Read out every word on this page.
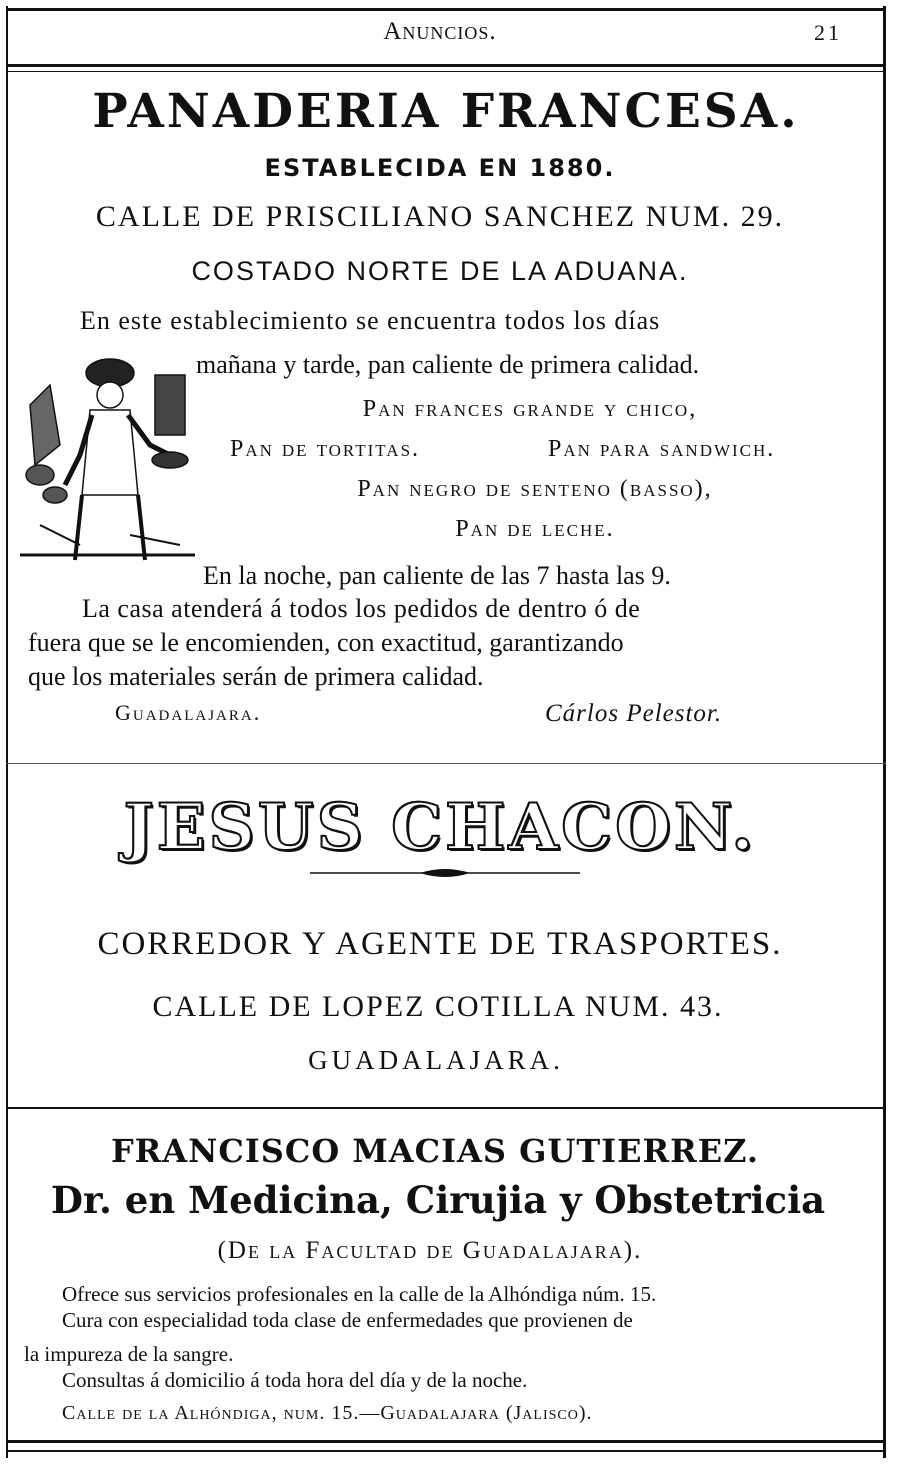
Anuncios.	21
PANADERIA FRANCESA.
ESTABLECIDA EN 1880.
CALLE DE PRISCILIANO SANCHEZ NUM. 29.
COSTADO NORTE DE LA ADUANA.
En este establecimiento se encuentra todos los días
mañana y tarde, pan caliente de primera calidad.
Pan frances grande y chico,
Pan de tortitas.	Pan para sandwich.
Pan negro de senteno (basso),
Pan de leche.
En la noche, pan caliente de las 7 hasta las 9.
La casa atenderá á todos los pedidos de dentro ó de
fuera que se le encomienden, con exactitud, garantizando
que los materiales serán de primera calidad.
Guadalajara.	Cárlos Pelestor.
JESUS CHACON.
CORREDOR Y AGENTE DE TRASPORTES.
CALLE DE LOPEZ COTILLA NUM. 43.
GUADALAJARA.
FRANCISCO MACIAS GUTIERREZ.
Dr. en Medicina, Cirujia y Obstetricia
(De la Facultad de Guadalajara).
Ofrece sus servicios profesionales en la calle de la Alhóndiga núm. 15.
Cura con especialidad toda clase de enfermedades que provienen de
la impureza de la sangre.
Consultas á domicilio á toda hora del día y de la noche.
Calle de la Alhóndiga, num. 15.—Guadalajara (Jalisco).
